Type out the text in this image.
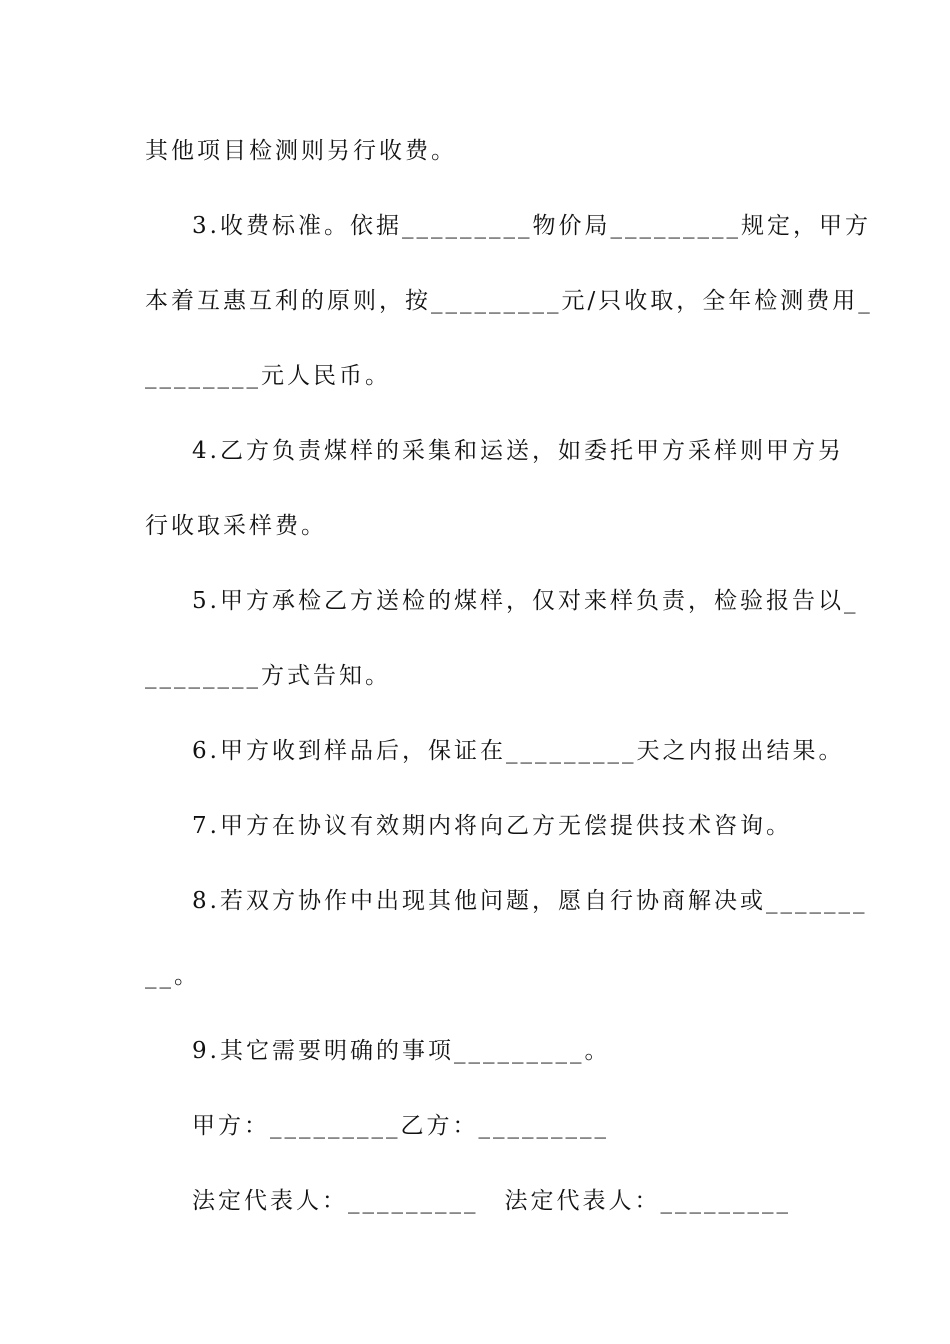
其他项目检测则另行收费。
3.收费标准。依据_________物价局_________规定，甲方
本着互惠互利的原则，按_________元/只收取，全年检测费用_
________元人民币。
4.乙方负责煤样的采集和运送，如委托甲方采样则甲方另
行收取采样费。
5.甲方承检乙方送检的煤样，仅对来样负责，检验报告以_
________方式告知。
6.甲方收到样品后，保证在_________天之内报出结果。
7.甲方在协议有效期内将向乙方无偿提供技术咨询。
8.若双方协作中出现其他问题，愿自行协商解决或_______
__。
9.其它需要明确的事项_________。
甲方：_________乙方：_________
法定代表人：_________　法定代表人：_________
